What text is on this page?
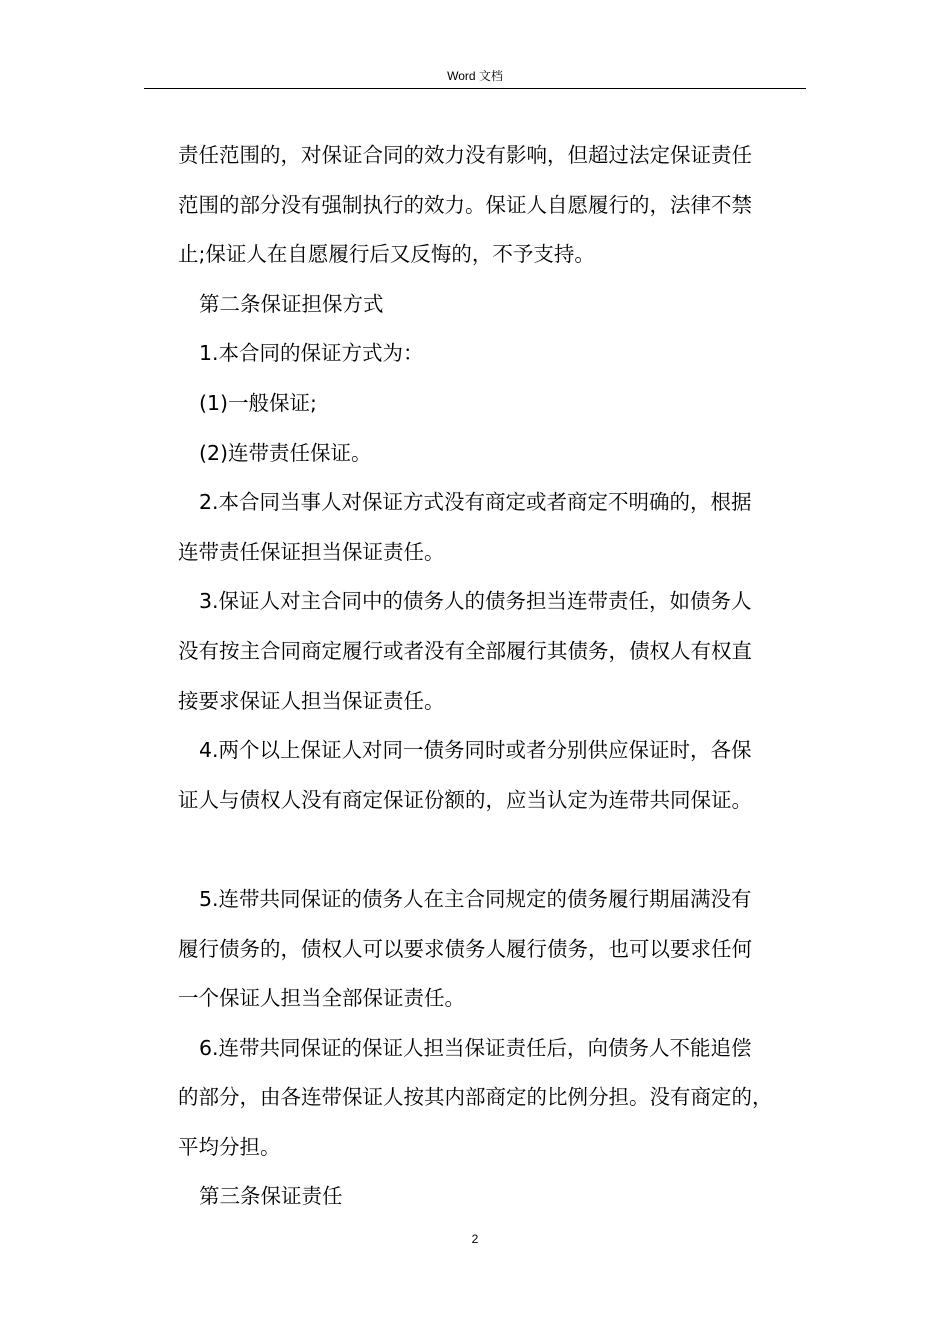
Word 文档
责任范围的，对保证合同的效力没有影响，但超过法定保证责任
范围的部分没有强制执行的效力。保证人自愿履行的，法律不禁
止;保证人在自愿履行后又反悔的，不予支持。
第二条保证担保方式
1.本合同的保证方式为：
(1)一般保证;
(2)连带责任保证。
2.本合同当事人对保证方式没有商定或者商定不明确的，根据
连带责任保证担当保证责任。
3.保证人对主合同中的债务人的债务担当连带责任，如债务人
没有按主合同商定履行或者没有全部履行其债务，债权人有权直
接要求保证人担当保证责任。
4.两个以上保证人对同一债务同时或者分别供应保证时，各保
证人与债权人没有商定保证份额的，应当认定为连带共同保证。
5.连带共同保证的债务人在主合同规定的债务履行期届满没有
履行债务的，债权人可以要求债务人履行债务，也可以要求任何
一个保证人担当全部保证责任。
6.连带共同保证的保证人担当保证责任后，向债务人不能追偿
的部分，由各连带保证人按其内部商定的比例分担。没有商定的，
平均分担。
第三条保证责任
2
